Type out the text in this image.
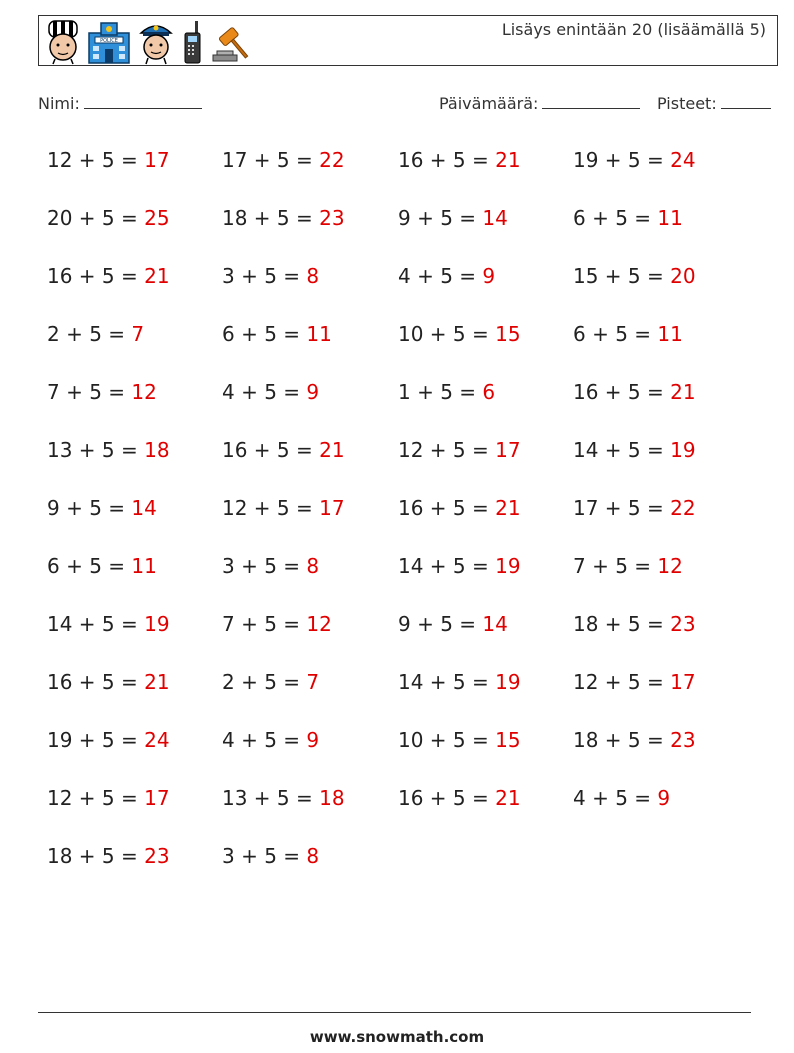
POLICE
Lisäys enintään 20 (lisäämällä 5)
Nimi:	Päivämäärä:	Pisteet:
12 + 5 = 17	17 + 5 = 22	16 + 5 = 21	19 + 5 = 24
20 + 5 = 25	18 + 5 = 23	9 + 5 = 14	6 + 5 = 11
16 + 5 = 21	3 + 5 = 8	4 + 5 = 9	15 + 5 = 20
2 + 5 = 7	6 + 5 = 11	10 + 5 = 15	6 + 5 = 11
7 + 5 = 12	4 + 5 = 9	1 + 5 = 6	16 + 5 = 21
13 + 5 = 18	16 + 5 = 21	12 + 5 = 17	14 + 5 = 19
9 + 5 = 14	12 + 5 = 17	16 + 5 = 21	17 + 5 = 22
6 + 5 = 11	3 + 5 = 8	14 + 5 = 19	7 + 5 = 12
14 + 5 = 19	7 + 5 = 12	9 + 5 = 14	18 + 5 = 23
16 + 5 = 21	2 + 5 = 7	14 + 5 = 19	12 + 5 = 17
19 + 5 = 24	4 + 5 = 9	10 + 5 = 15	18 + 5 = 23
12 + 5 = 17	13 + 5 = 18	16 + 5 = 21	4 + 5 = 9
18 + 5 = 23	3 + 5 = 8
www.snowmath.com
